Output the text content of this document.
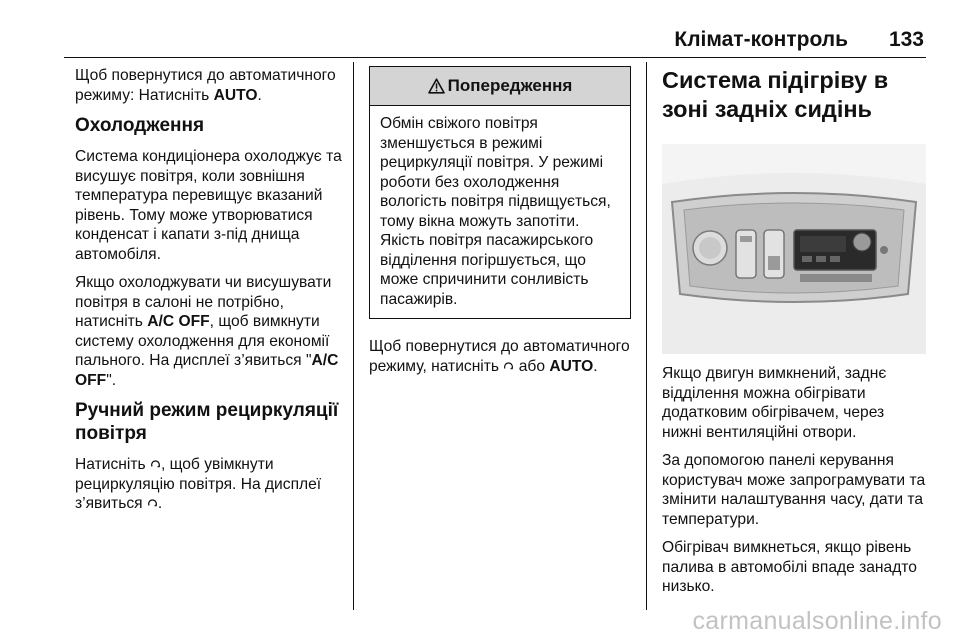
Клімат-контроль 133

Щоб повернутися до автоматичного режиму: Натисніть AUTO.

Охолодження

Система кондиціонера охолоджує та висушує повітря, коли зовнішня температура перевищує вказаний рівень. Тому може утворюватися конденсат і капати з-під днища автомобіля.

Якщо охолоджувати чи висушувати повітря в салоні не потрібно, натисніть A/C OFF, щоб вимкнути систему охолодження для економії пального. На дисплеї з’явиться "A/C OFF".

Ручний режим рециркуляції повітря

Натисніть , щоб увімкнути рециркуляцію повітря. На дисплеї з’явиться .

Попередження
Обмін свіжого повітря зменшується в режимі рециркуляції повітря. У режимі роботи без охолодження вологість повітря підвищується, тому вікна можуть запотіти. Якість повітря пасажирського відділення погіршується, що може спричинити сонливість пасажирів.

Щоб повернутися до автоматичного режиму, натисніть або AUTO.

Система підігріву в зоні задніх сидінь

Якщо двигун вимкнений, заднє відділення можна обігрівати додатковим обігрівачем, через нижні вентиляційні отвори.

За допомогою панелі керування користувач може запрограмувати та змінити налаштування часу, дати та температури.

Обігрівач вимкнеться, якщо рівень палива в автомобілі впаде занадто низько.

carmanualsonline.info
